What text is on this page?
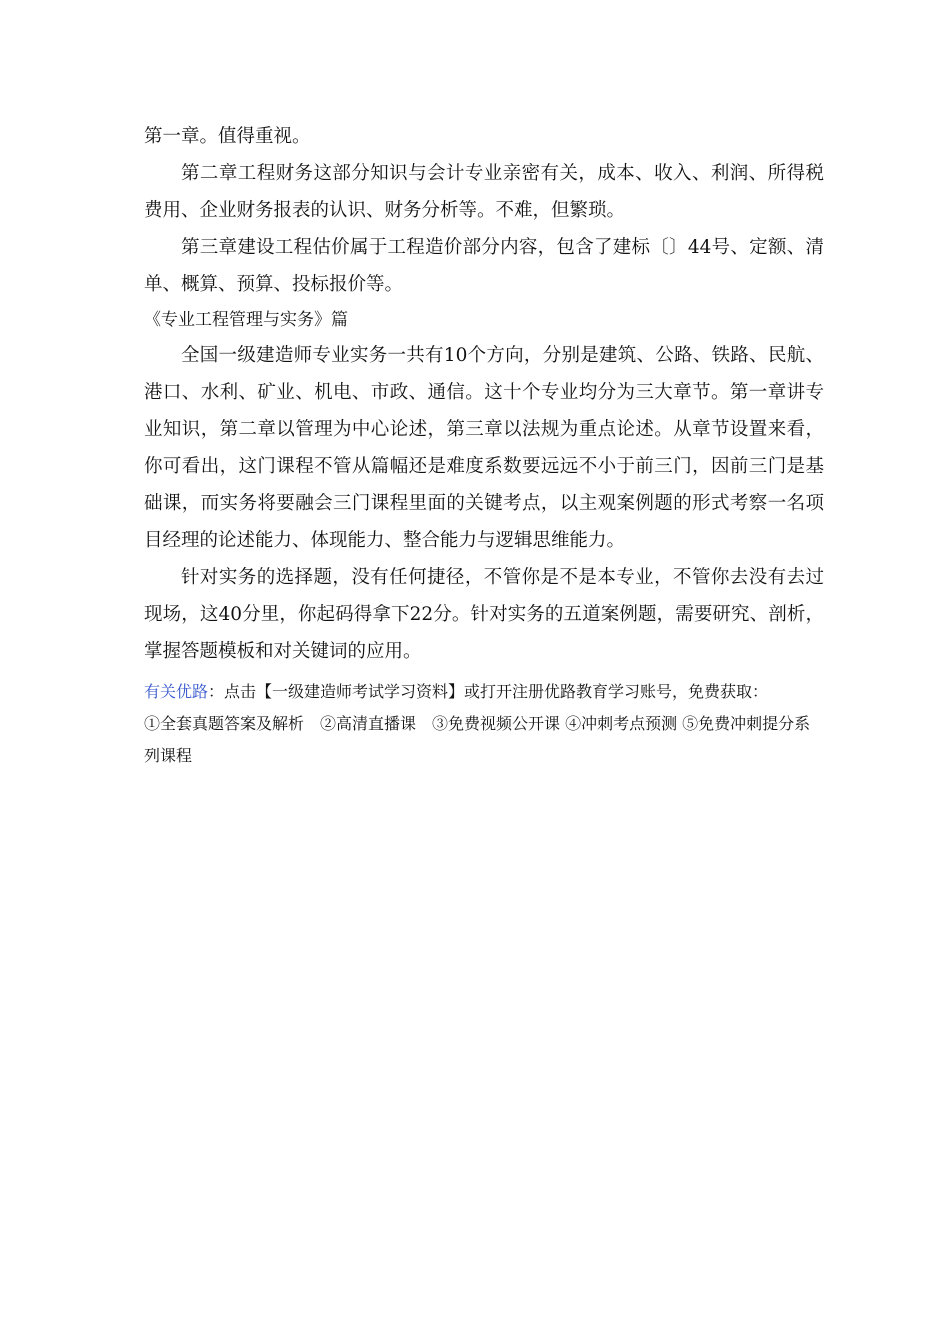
第一章。值得重视。

第二章工程财务这部分知识与会计专业亲密有关，成本、收入、利润、所得税费用、企业财务报表的认识、财务分析等。不难，但繁琐。

第三章建设工程估价属于工程造价部分内容，包含了建标〔〕44号、定额、清单、概算、预算、投标报价等。

《专业工程管理与实务》篇

全国一级建造师专业实务一共有10个方向，分别是建筑、公路、铁路、民航、港口、水利、矿业、机电、市政、通信。这十个专业均分为三大章节。第一章讲专业知识，第二章以管理为中心论述，第三章以法规为重点论述。从章节设置来看，你可看出，这门课程不管从篇幅还是难度系数要远远不小于前三门，因前三门是基础课，而实务将要融会三门课程里面的关键考点，以主观案例题的形式考察一名项目经理的论述能力、体现能力、整合能力与逻辑思维能力。

针对实务的选择题，没有任何捷径，不管你是不是本专业，不管你去没有去过现场，这40分里，你起码得拿下22分。针对实务的五道案例题，需要研究、剖析，掌握答题模板和对关键词的应用。

有关优路：点击【一级建造师考试学习资料】或打开注册优路教育学习账号，免费获取：

①全套真题答案及解析　②高清直播课　③免费视频公开课 ④冲刺考点预测 ⑤免费冲刺提分系列课程
